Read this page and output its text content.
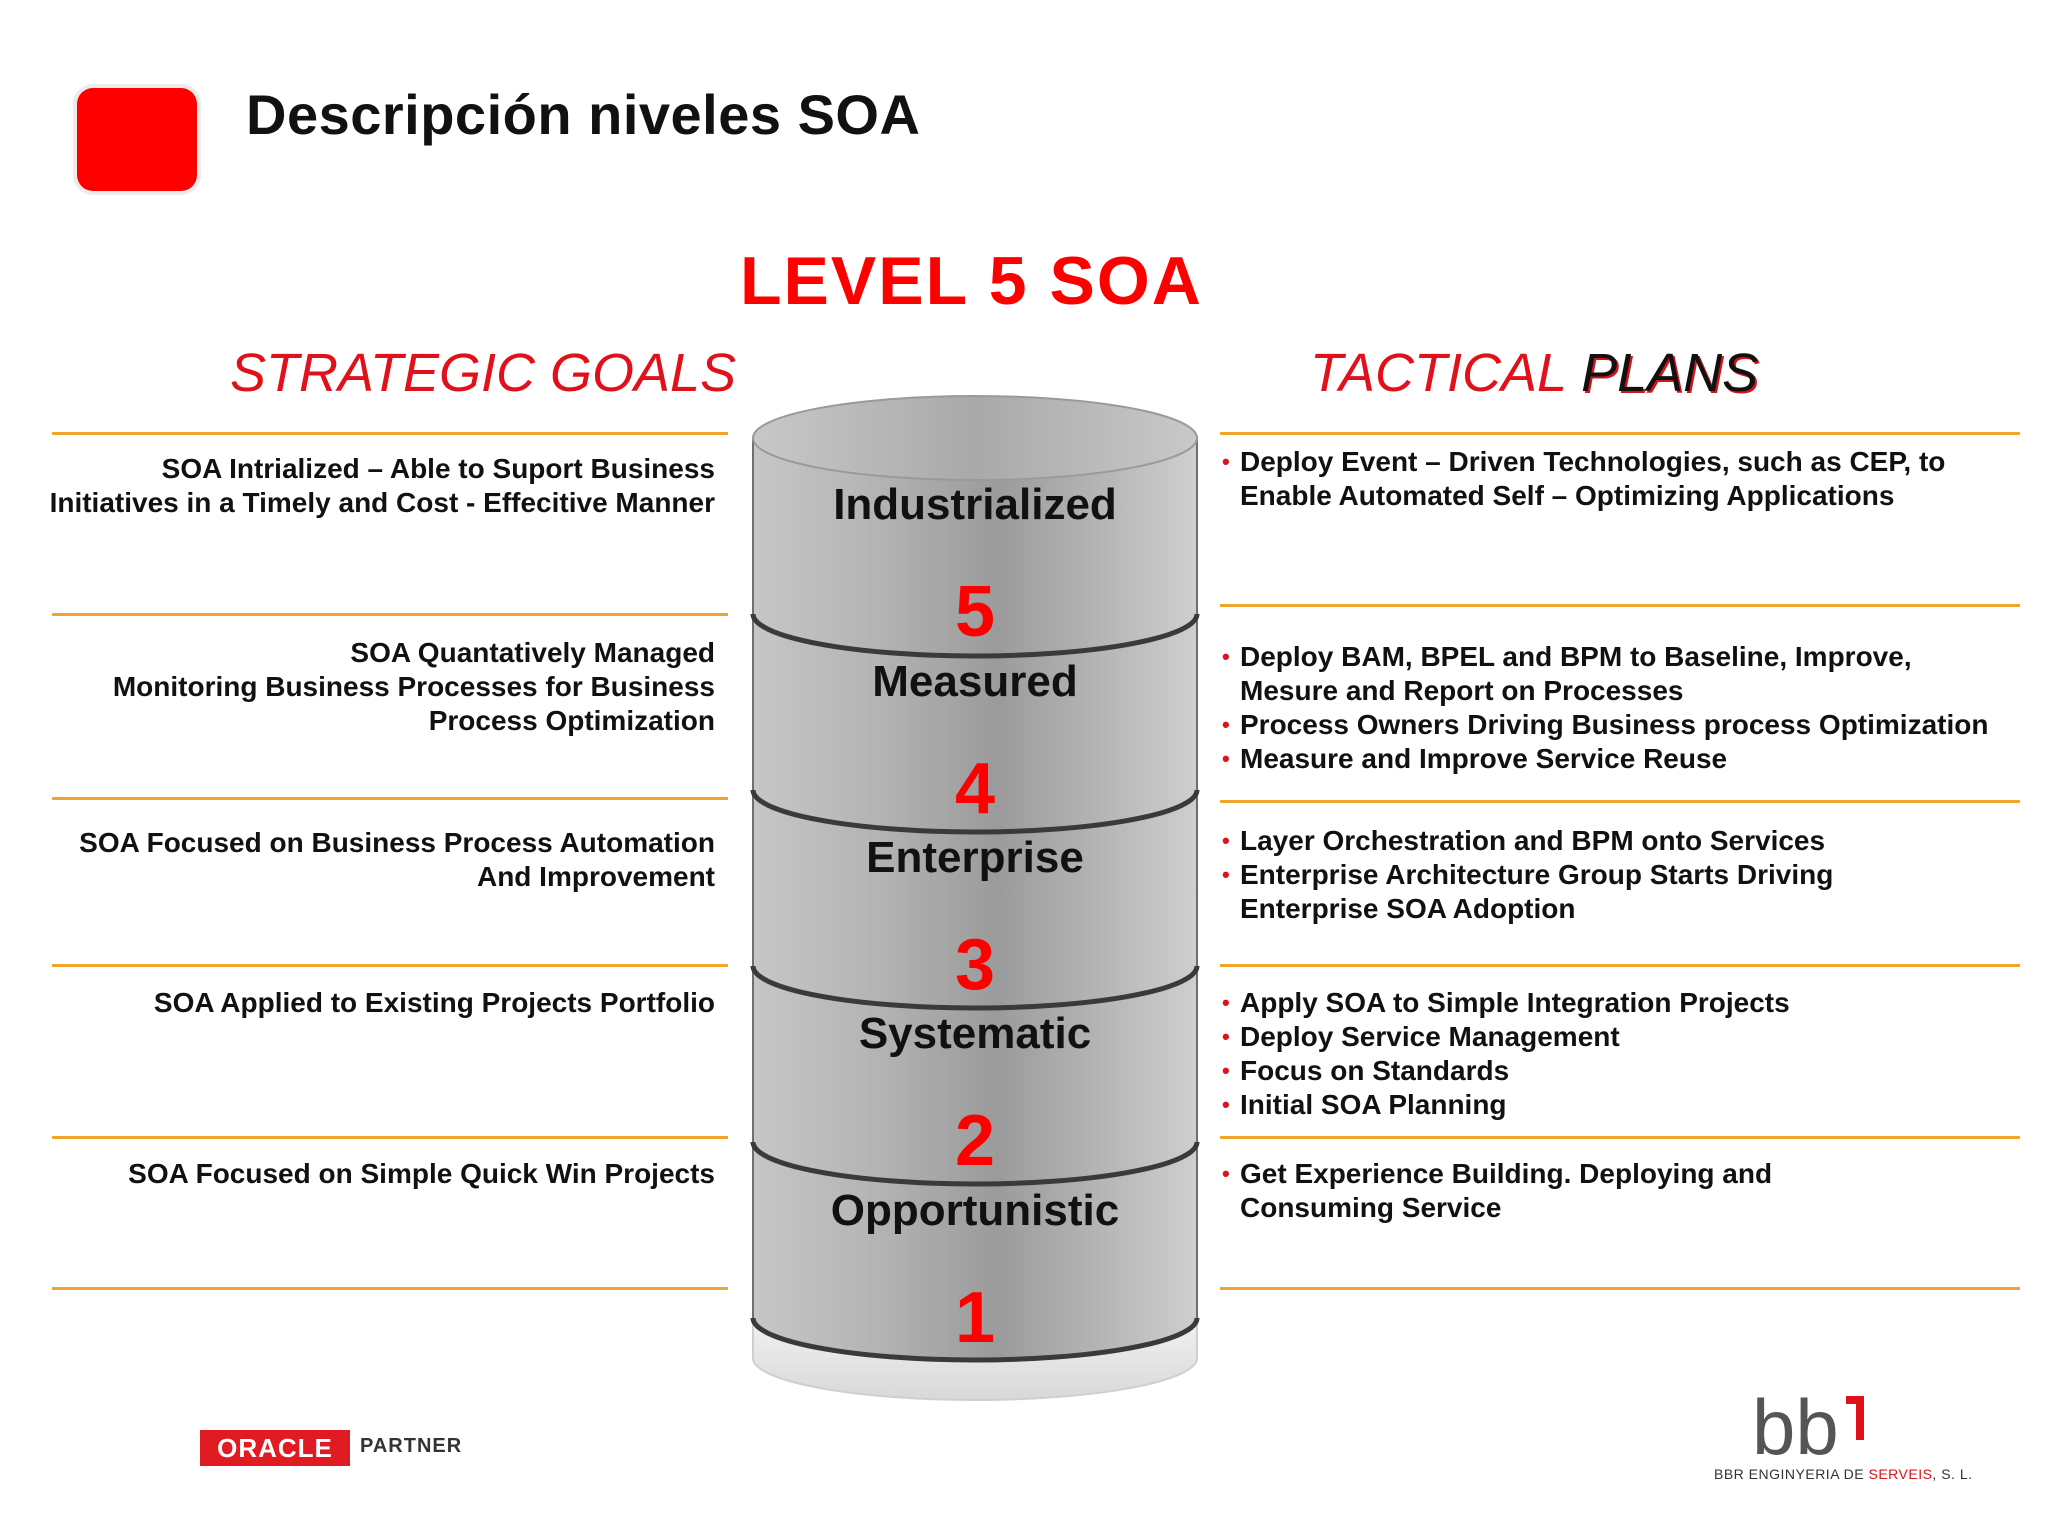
Descripción niveles SOA
LEVEL 5 SOA
STRATEGIC GOALS	TACTICAL PLANS
Industrialized
5
SOA Intrialized – Able to Suport Business
Initiatives in a Timely and Cost - Effecitive Manner
• Deploy Event – Driven Technologies, such as CEP, to
Enable Automated Self – Optimizing Applications
Measured
4
SOA Quantatively Managed
Monitoring Business Processes for Business
Process Optimization
• Deploy BAM, BPEL and BPM to Baseline, Improve,
Mesure and Report on Processes
• Process Owners Driving Business process Optimization
• Measure and Improve Service Reuse
Enterprise
3
SOA Focused on Business Process Automation
And Improvement
• Layer Orchestration and BPM onto Services
• Enterprise Architecture Group Starts Driving
Enterprise SOA Adoption
Systematic
2
SOA Applied to Existing Projects Portfolio	• Apply SOA to Simple Integration Projects
• Deploy Service Management
• Focus on Standards
• Initial SOA Planning
Opportunistic
1
SOA Focused on Simple Quick Win Projects	• Get Experience Building. Deploying and
Consuming Service
ORACLE	PARTNER	bb
BBR ENGINYERIA DE SERVEIS, S. L.
